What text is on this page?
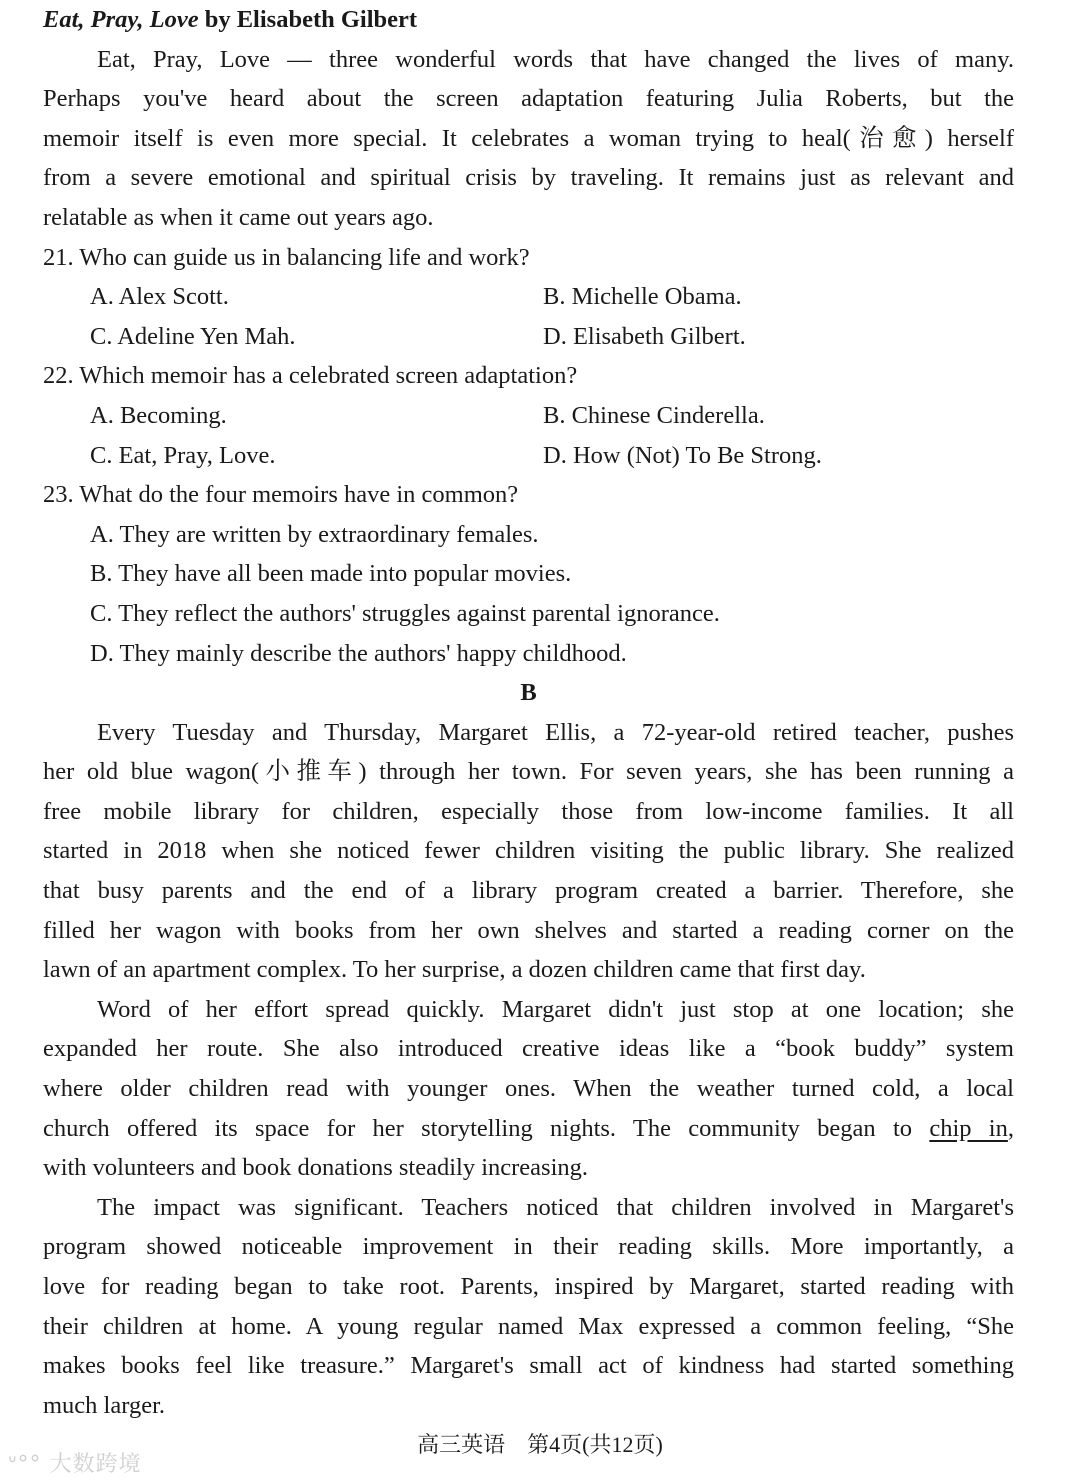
Eat, Pray, Love by Elisabeth Gilbert
Eat, Pray, Love — three wonderful words that have changed the lives of many.
Perhaps you've heard about the screen adaptation featuring Julia Roberts, but the
memoir itself is even more special. It celebrates a woman trying to heal(治愈) herself
from a severe emotional and spiritual crisis by traveling. It remains just as relevant and
relatable as when it came out years ago.
21. Who can guide us in balancing life and work?
A. Alex Scott.	B. Michelle Obama.
C. Adeline Yen Mah.	D. Elisabeth Gilbert.
22. Which memoir has a celebrated screen adaptation?
A. Becoming.	B. Chinese Cinderella.
C. Eat, Pray, Love.	D. How (Not) To Be Strong.
23. What do the four memoirs have in common?
A. They are written by extraordinary females.
B. They have all been made into popular movies.
C. They reflect the authors' struggles against parental ignorance.
D. They mainly describe the authors' happy childhood.
B
Every Tuesday and Thursday, Margaret Ellis, a 72-year-old retired teacher, pushes
her old blue wagon(小推车) through her town. For seven years, she has been running a
free mobile library for children, especially those from low-income families. It all
started in 2018 when she noticed fewer children visiting the public library. She realized
that busy parents and the end of a library program created a barrier. Therefore, she
filled her wagon with books from her own shelves and started a reading corner on the
lawn of an apartment complex. To her surprise, a dozen children came that first day.
Word of her effort spread quickly. Margaret didn't just stop at one location; she
expanded her route. She also introduced creative ideas like a “book buddy” system
where older children read with younger ones. When the weather turned cold, a local
church offered its space for her storytelling nights. The community began to chip in,
with volunteers and book donations steadily increasing.
The impact was significant. Teachers noticed that children involved in Margaret's
program showed noticeable improvement in their reading skills. More importantly, a
love for reading began to take root. Parents, inspired by Margaret, started reading with
their children at home. A young regular named Max expressed a common feeling, “She
makes books feel like treasure.” Margaret's small act of kindness had started something
much larger.
高三英语　第4页(共12页)
ᐡ°° 大数跨境
